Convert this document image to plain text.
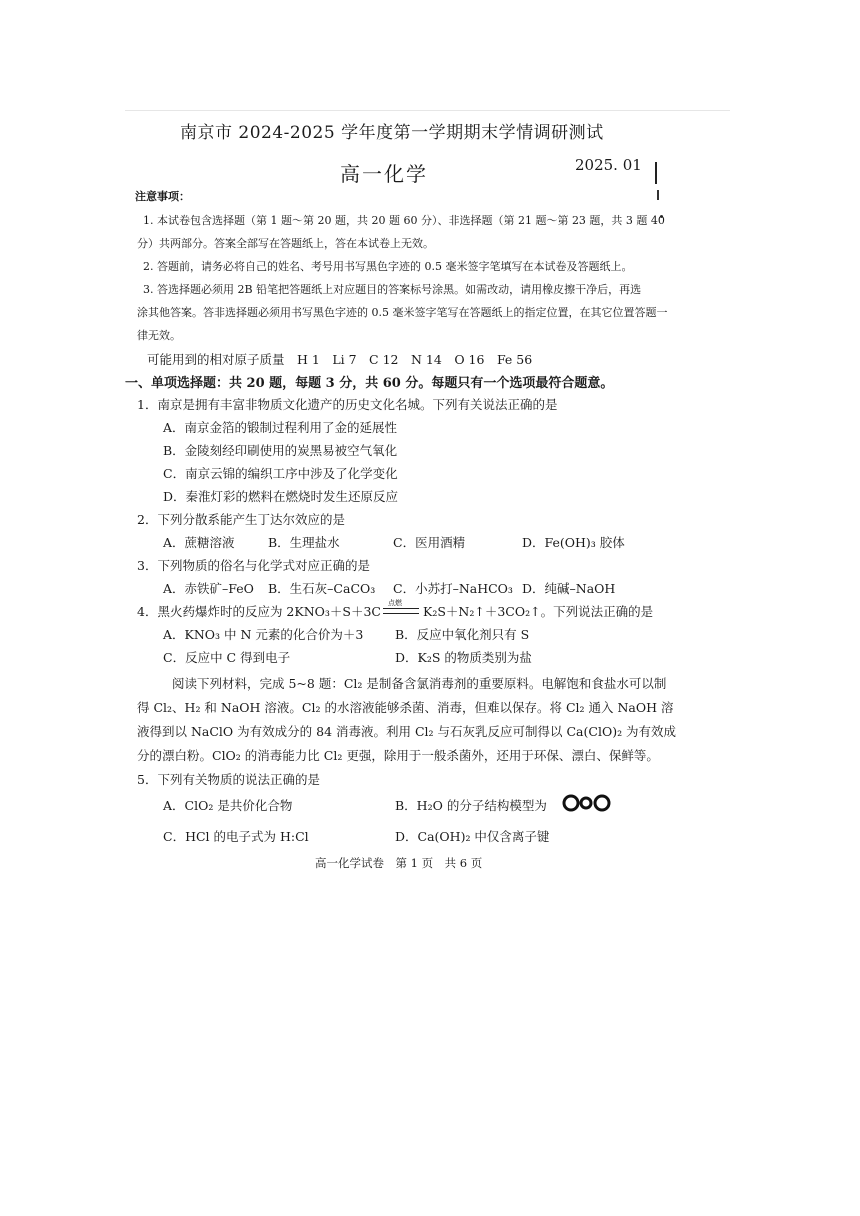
南京市 2024-2025 学年度第一学期期末学情调研测试
高一化学	2025. 01
注意事项：
1. 本试卷包含选择题（第 1 题～第 20 题，共 20 题 60 分）、非选择题（第 21 题～第 23 题，共 3 题 40
分）共两部分。答案全部写在答题纸上，答在本试卷上无效。
2. 答题前，请务必将自己的姓名、考号用书写黑色字迹的 0.5 毫米签字笔填写在本试卷及答题纸上。
3. 答选择题必须用 2B 铅笔把答题纸上对应题目的答案标号涂黑。如需改动，请用橡皮擦干净后，再选
涂其他答案。答非选择题必须用书写黑色字迹的 0.5 毫米签字笔写在答题纸上的指定位置，在其它位置答题一
律无效。
可能用到的相对原子质量　H 1　Li 7　C 12　N 14　O 16　Fe 56
一、单项选择题：共 20 题，每题 3 分，共 60 分。每题只有一个选项最符合题意。
1．南京是拥有丰富非物质文化遗产的历史文化名城。下列有关说法正确的是
A．南京金箔的锻制过程利用了金的延展性
B．金陵刻经印刷使用的炭黑易被空气氧化
C．南京云锦的编织工序中涉及了化学变化
D．秦淮灯彩的燃料在燃烧时发生还原反应
2．下列分散系能产生丁达尔效应的是
A．蔗糖溶液	B．生理盐水	C．医用酒精	D．Fe(OH)₃ 胶体
3．下列物质的俗名与化学式对应正确的是
A．赤铁矿–FeO B．生石灰–CaCO₃ C．小苏打–NaHCO₃ D．纯碱–NaOH
4．黑火药爆炸时的反应为 2KNO₃＋S＋3C
点燃
K₂S＋N₂↑＋3CO₂↑。下列说法正确的是
A．KNO₃ 中 N 元素的化合价为＋3	B．反应中氧化剂只有 S
C．反应中 C 得到电子	D．K₂S 的物质类别为盐
阅读下列材料，完成 5~8 题：Cl₂ 是制备含氯消毒剂的重要原料。电解饱和食盐水可以制
得 Cl₂、H₂ 和 NaOH 溶液。Cl₂ 的水溶液能够杀菌、消毒，但难以保存。将 Cl₂ 通入 NaOH 溶
液得到以 NaClO 为有效成分的 84 消毒液。利用 Cl₂ 与石灰乳反应可制得以 Ca(ClO)₂ 为有效成
分的漂白粉。ClO₂ 的消毒能力比 Cl₂ 更强，除用于一般杀菌外，还用于环保、漂白、保鲜等。
5．下列有关物质的说法正确的是
A．ClO₂ 是共价化合物	B．H₂O 的分子结构模型为
C．HCl 的电子式为 H:Cl	D．Ca(OH)₂ 中仅含离子键
高一化学试卷　第 1 页　共 6 页
